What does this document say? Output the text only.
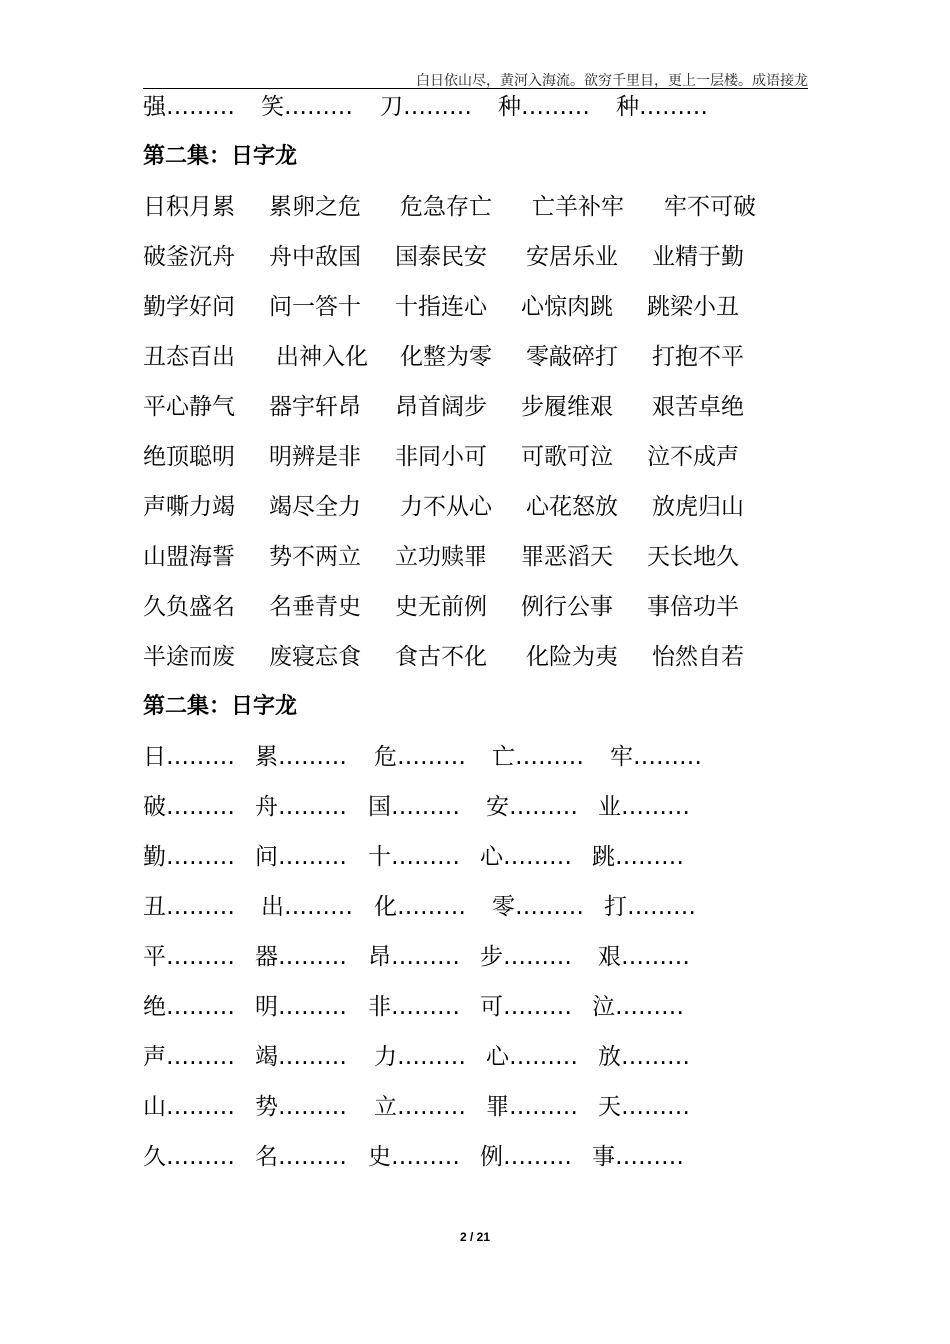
白日依山尽，黄河入海流。欲穷千里目，更上一层楼。成语接龙
强……… 笑……… 刀……… 种……… 种………
第二集：日字龙
日积月累 累卵之危 危急存亡 亡羊补牢 牢不可破
破釜沉舟 舟中敌国 国泰民安 安居乐业 业精于勤
勤学好问 问一答十 十指连心 心惊肉跳 跳梁小丑
丑态百出 出神入化 化整为零 零敲碎打 打抱不平
平心静气 器宇轩昂 昂首阔步 步履维艰 艰苦卓绝
绝顶聪明 明辨是非 非同小可 可歌可泣 泣不成声
声嘶力竭 竭尽全力 力不从心 心花怒放 放虎归山
山盟海誓 势不两立 立功赎罪 罪恶滔天 天长地久
久负盛名 名垂青史 史无前例 例行公事 事倍功半
半途而废 废寝忘食 食古不化 化险为夷 怡然自若
第二集：日字龙
日……… 累……… 危……… 亡……… 牢………
破……… 舟……… 国……… 安……… 业………
勤……… 问……… 十……… 心……… 跳………
丑……… 出……… 化……… 零……… 打………
平……… 器……… 昂……… 步……… 艰………
绝……… 明……… 非……… 可……… 泣………
声……… 竭……… 力……… 心……… 放………
山……… 势……… 立……… 罪……… 天………
久……… 名……… 史……… 例……… 事………
2 / 21
